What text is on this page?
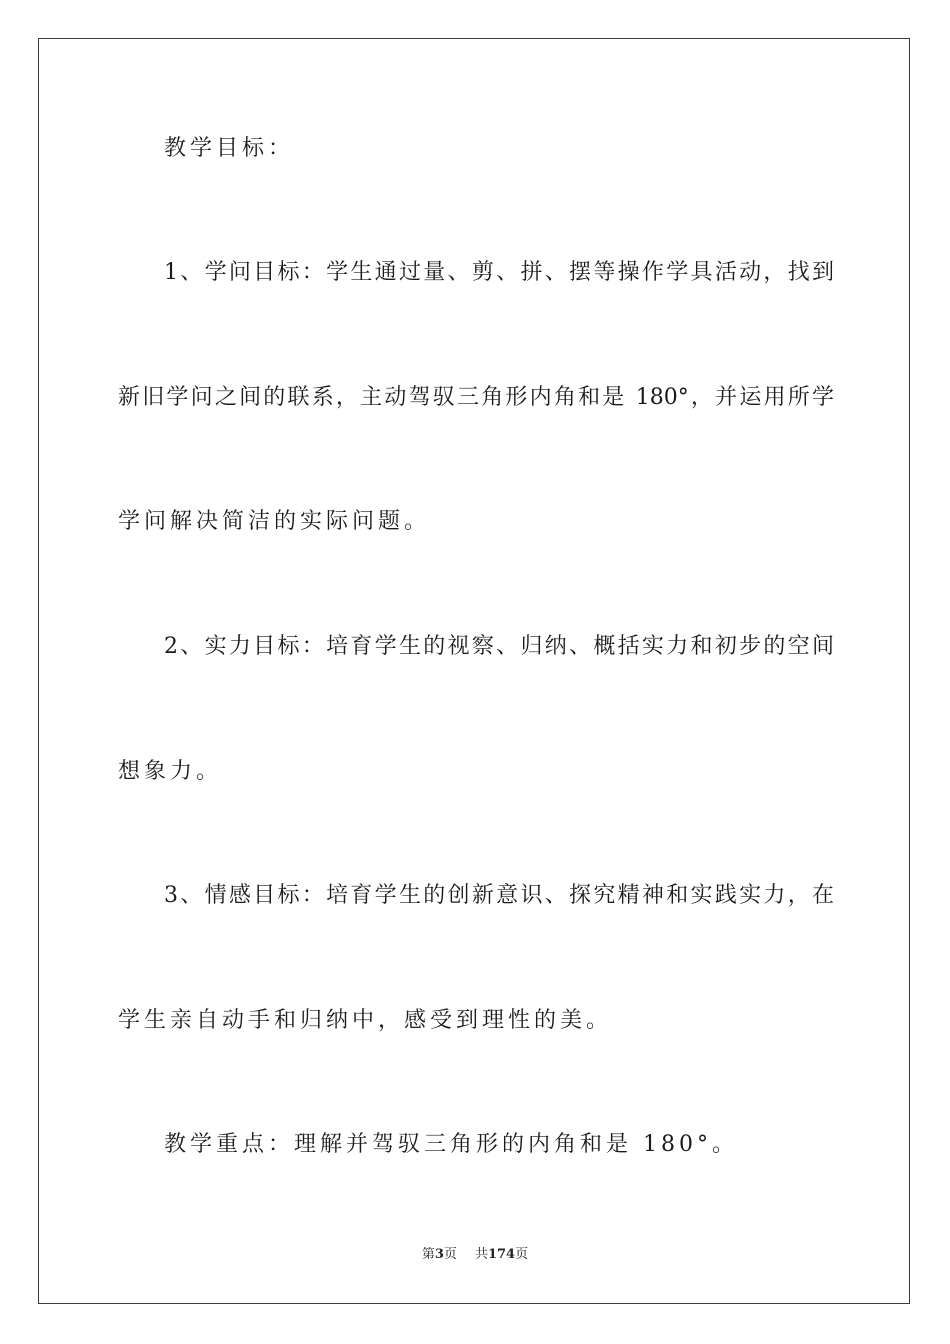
教学目标：
1、学问目标：学生通过量、剪、拼、摆等操作学具活动，找到
新旧学问之间的联系，主动驾驭三角形内角和是 180°，并运用所学
学问解决简洁的实际问题。
2、实力目标：培育学生的视察、归纳、概括实力和初步的空间
想象力。
3、情感目标：培育学生的创新意识、探究精神和实践实力，在
学生亲自动手和归纳中，感受到理性的美。
教学重点：理解并驾驭三角形的内角和是 180°。
第3页 共174页
